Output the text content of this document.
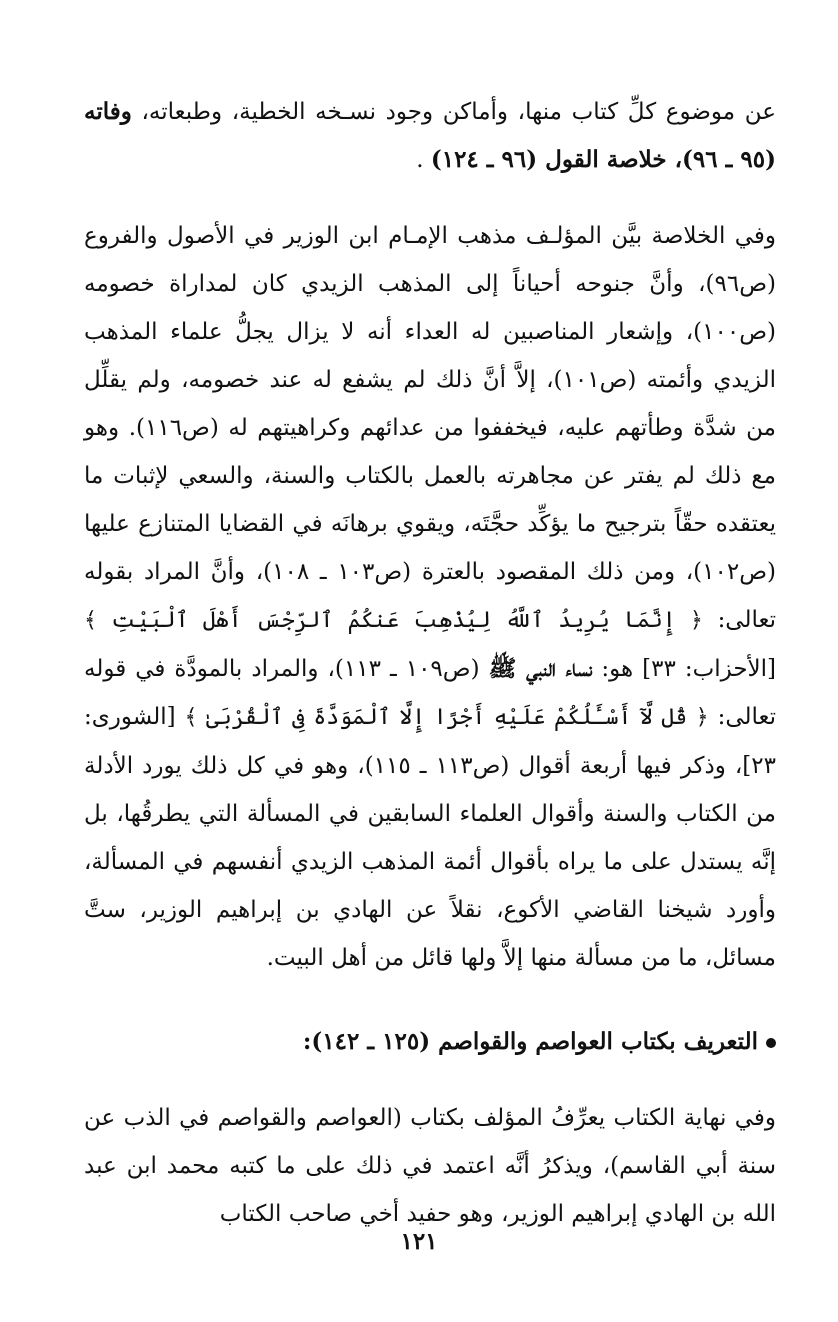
عن موضوع كلِّ كتاب منها، وأماكن وجود نسـخه الخطية، وطبعاته، وفاته (٩٥ ـ ٩٦)، خلاصة القول (٩٦ ـ ١٢٤) .

وفي الخلاصة بيَّن المؤلـف مذهب الإمـام ابن الوزير في الأصول والفروع (ص٩٦)، وأنَّ جنوحه أحياناً إلى المذهب الزيدي كان لمداراة خصومه (ص١٠٠)، وإشعار المناصبين له العداء أنه لا يزال يجلُّ علماء المذهب الزيدي وأئمته (ص١٠١)، إلاَّ أنَّ ذلك لم يشفع له عند خصومه، ولم يقلِّل من شدَّة وطأتهم عليه، فيخففوا من عدائهم وكراهيتهم له (ص١١٦). وهو مع ذلك لم يفتر عن مجاهرته بالعمل بالكتاب والسنة، والسعي لإثبات ما يعتقده حقّاً بترجيح ما يؤكِّد حجَّتَه، ويقوي برهانَه في القضايا المتنازع عليها (ص١٠٢)، ومن ذلك المقصود بالعترة (ص١٠٣ ـ ١٠٨)، وأنَّ المراد بقوله تعالى: ﴿ إِنَّمَا يُرِيدُ ٱللَّهُ لِيُذْهِبَ عَنكُمُ ٱلرِّجْسَ أَهْلَ ٱلْبَيْتِ ﴾ [الأحزاب: ٣٣] هو: نساء النبي ﷺ (ص١٠٩ ـ ١١٣)، والمراد بالمودَّة في قوله تعالى: ﴿ قُل لَّآ أَسْـَٔلُكُمْ عَلَيْهِ أَجْرًا إِلَّا ٱلْمَوَدَّةَ فِى ٱلْقُرْبَىٰ ﴾ [الشورى: ٢٣]، وذكر فيها أربعة أقوال (ص١١٣ ـ ١١٥)، وهو في كل ذلك يورد الأدلة من الكتاب والسنة وأقوال العلماء السابقين في المسألة التي يطرقُها، بل إنَّه يستدل على ما يراه بأقوال أئمة المذهب الزيدي أنفسهم في المسألة، وأورد شيخنا القاضي الأكوع، نقلاً عن الهادي بن إبراهيم الوزير، ستَّ مسائل، ما من مسألة منها إلاَّ ولها قائل من أهل البيت.

التعريف بكتاب العواصم والقواصم (١٢٥ ـ ١٤٢):

وفي نهاية الكتاب يعرِّفُ المؤلف بكتاب (العواصم والقواصم في الذب عن سنة أبي القاسم)، ويذكرُ أنَّه اعتمد في ذلك على ما كتبه محمد ابن عبد الله بن الهادي إبراهيم الوزير، وهو حفيد أخي صاحب الكتاب

١٢١
